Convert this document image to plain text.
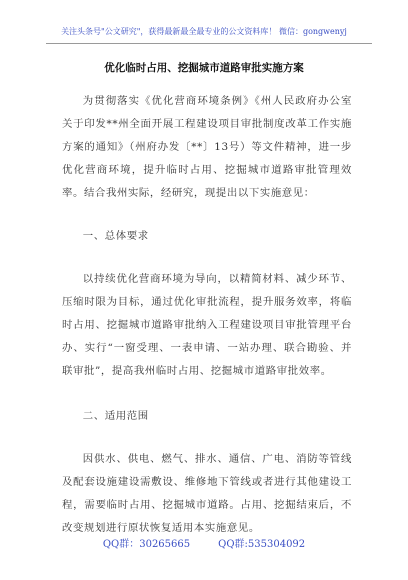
关注头条号"公文研究"，获得最新最全最专业的公文资料库！ 微信：gongwenyj
优化临时占用、挖掘城市道路审批实施方案

为贯彻落实《优化营商环境条例》《州人民政府办公室关于印发**州全面开展工程建设项目审批制度改革工作实施方案的通知》（州府办发〔**〕13号）等文件精神，进一步优化营商环境，提升临时占用、挖掘城市道路审批管理效率。结合我州实际，经研究，现提出以下实施意见：

一、总体要求

以持续优化营商环境为导向，以精简材料、减少环节、压缩时限为目标，通过优化审批流程，提升服务效率，将临时占用、挖掘城市道路审批纳入工程建设项目审批管理平台办、实行“一窗受理、一表申请、一站办理、联合勘验、并联审批”，提高我州临时占用、挖掘城市道路审批效率。

二、适用范围

因供水、供电、燃气、排水、通信、广电、消防等管线及配套设施建设需敷设、维修地下管线或者进行其他建设工程，需要临时占用、挖掘城市道路。占用、挖掘结束后，不改变规划进行原状恢复适用本实施意见。

QQ群：30265665	QQ群:535304092
